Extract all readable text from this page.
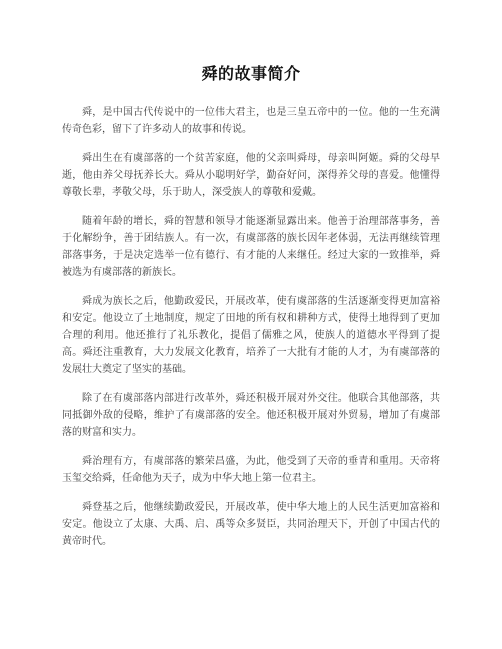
舜的故事简介

舜，是中国古代传说中的一位伟大君主，也是三皇五帝中的一位。他的一生充满传奇色彩，留下了许多动人的故事和传说。

舜出生在有虞部落的一个贫苦家庭，他的父亲叫舜母，母亲叫阿姬。舜的父母早逝，他由养父母抚养长大。舜从小聪明好学，勤奋好问，深得养父母的喜爱。他懂得尊敬长辈，孝敬父母，乐于助人，深受族人的尊敬和爱戴。

随着年龄的增长，舜的智慧和领导才能逐渐显露出来。他善于治理部落事务，善于化解纷争，善于团结族人。有一次，有虞部落的族长因年老体弱，无法再继续管理部落事务，于是决定选举一位有德行、有才能的人来继任。经过大家的一致推举，舜被选为有虞部落的新族长。

舜成为族长之后，他勤政爱民，开展改革，使有虞部落的生活逐渐变得更加富裕和安定。他设立了土地制度，规定了田地的所有权和耕种方式，使得土地得到了更加合理的利用。他还推行了礼乐教化，提倡了儒雅之风，使族人的道德水平得到了提高。舜还注重教育，大力发展文化教育，培养了一大批有才能的人才，为有虞部落的发展壮大奠定了坚实的基础。

除了在有虞部落内部进行改革外，舜还积极开展对外交往。他联合其他部落，共同抵御外敌的侵略，维护了有虞部落的安全。他还积极开展对外贸易，增加了有虞部落的财富和实力。

舜治理有方，有虞部落的繁荣昌盛，为此，他受到了天帝的垂青和重用。天帝将玉玺交给舜，任命他为天子，成为中华大地上第一位君主。

舜登基之后，他继续勤政爱民，开展改革，使中华大地上的人民生活更加富裕和安定。他设立了太康、大禹、启、禹等众多贤臣，共同治理天下，开创了中国古代的黄帝时代。
